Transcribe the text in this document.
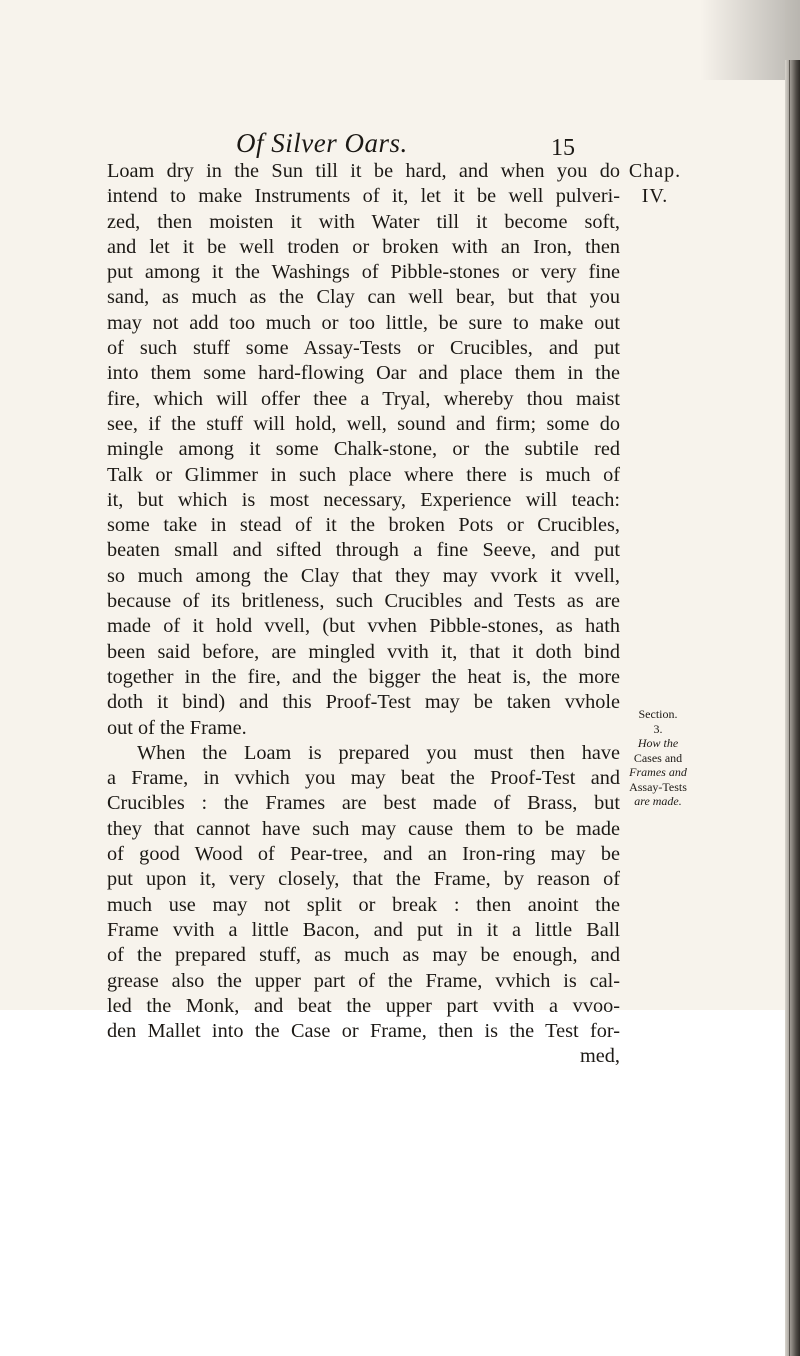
Of Silver Oars.	15
Chap.
IV.
Section.
3.
How the
Cases and
Frames and
Assay-Tests
are made.
Loam dry in the Sun till it be hard, and when you do
intend to make Instruments of it, let it be well pulveri-
zed, then moisten it with Water till it become soft,
and let it be well troden or broken with an Iron, then
put among it the Washings of Pibble-stones or very fine
sand, as much as the Clay can well bear, but that you
may not add too much or too little, be sure to make out
of such stuff some Assay-Tests or Crucibles, and put
into them some hard-flowing Oar and place them in the
fire, which will offer thee a Tryal, whereby thou maist
see, if the stuff will hold, well, sound and firm; some do
mingle among it some Chalk-stone, or the subtile red
Talk or Glimmer in such place where there is much of
it, but which is most necessary, Experience will teach:
some take in stead of it the broken Pots or Crucibles,
beaten small and sifted through a fine Seeve, and put
so much among the Clay that they may vvork it vvell,
because of its britleness, such Crucibles and Tests as are
made of it hold vvell, (but vvhen Pibble-stones, as hath
been said before, are mingled vvith it, that it doth bind
together in the fire, and the bigger the heat is, the more
doth it bind) and this Proof-Test may be taken vvhole
out of the Frame.
When the Loam is prepared you must then have
a Frame, in vvhich you may beat the Proof-Test and
Crucibles : the Frames are best made of Brass, but
they that cannot have such may cause them to be made
of good Wood of Pear-tree, and an Iron-ring may be
put upon it, very closely, that the Frame, by reason of
much use may not split or break : then anoint the
Frame vvith a little Bacon, and put in it a little Ball
of the prepared stuff, as much as may be enough, and
grease also the upper part of the Frame, vvhich is cal-
led the Monk, and beat the upper part vvith a vvoo-
den Mallet into the Case or Frame, then is the Test for-
med,
